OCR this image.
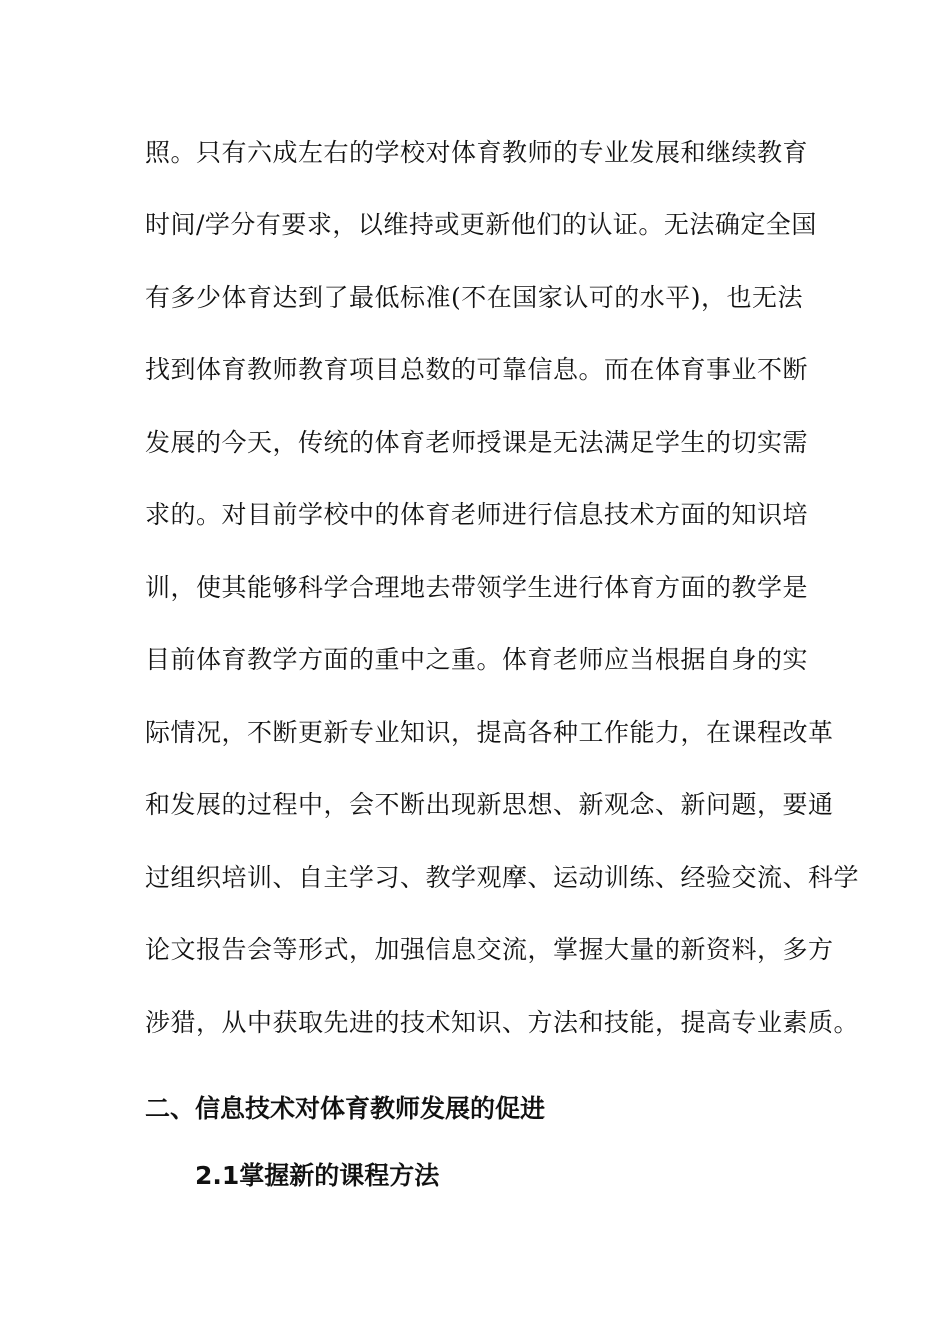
照。只有六成左右的学校对体育教师的专业发展和继续教育
时间/学分有要求，以维持或更新他们的认证。无法确定全国
有多少体育达到了最低标准(不在国家认可的水平)，也无法
找到体育教师教育项目总数的可靠信息。而在体育事业不断
发展的今天，传统的体育老师授课是无法满足学生的切实需
求的。对目前学校中的体育老师进行信息技术方面的知识培
训，使其能够科学合理地去带领学生进行体育方面的教学是
目前体育教学方面的重中之重。体育老师应当根据自身的实
际情况，不断更新专业知识，提高各种工作能力，在课程改革
和发展的过程中，会不断出现新思想、新观念、新问题，要通
过组织培训、自主学习、教学观摩、运动训练、经验交流、科学
论文报告会等形式，加强信息交流，掌握大量的新资料，多方
涉猎，从中获取先进的技术知识、方法和技能，提高专业素质。
二、信息技术对体育教师发展的促进
2.1掌握新的课程方法
